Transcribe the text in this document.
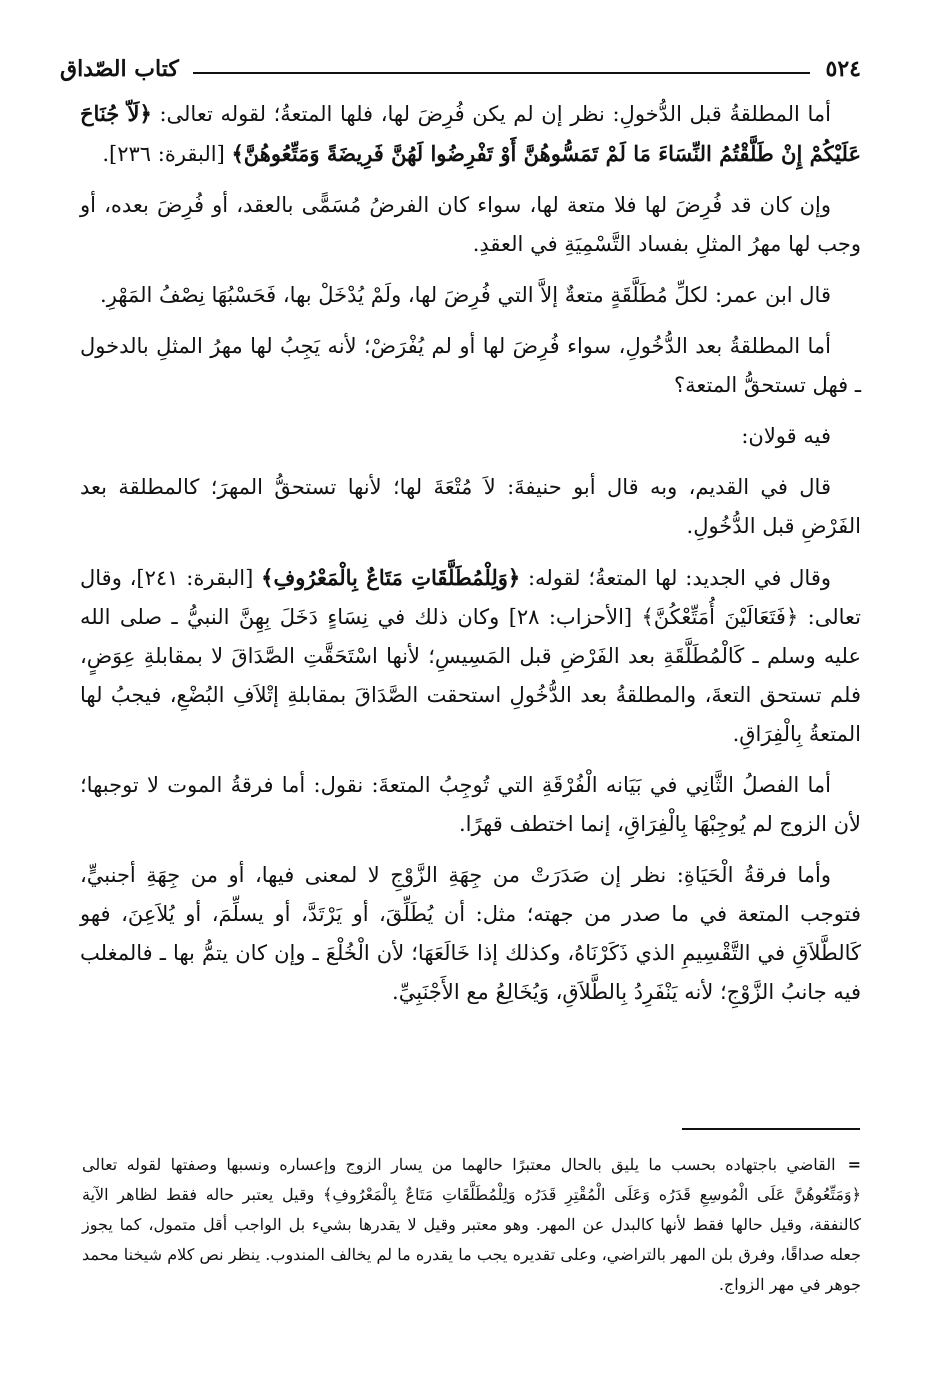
٥٢٤
كتاب الصّداق

أما المطلقةُ قبل الدُّخولِ: نظر إن لم يكن فُرِضَ لها، فلها المتعةُ؛ لقوله تعالى: ﴿لَاّ جُنَاحَ عَلَيْكُمْ إِنْ طَلَّقْتُمُ النِّسَاءَ مَا لَمْ تَمَسُّوهُنَّ أَوْ تَفْرِضُوا لَهُنَّ فَرِيضَةً وَمَتِّعُوهُنَّ﴾ [البقرة: ٢٣٦].

وإن كان قد فُرِضَ لها فلا متعة لها، سواء كان الفرضُ مُسَمًّى بالعقد، أو فُرِضَ بعده، أو وجب لها مهرُ المثلِ بفساد التَّسْمِيَةِ في العقدِ.

قال ابن عمر: لكلِّ مُطَلَّقَةٍ متعةٌ إلاَّ التي فُرِضَ لها، ولَمْ يُدْخَلْ بها، فَحَسْبُهَا نِصْفُ المَهْرِ.

أما المطلقةُ بعد الدُّخُولِ، سواء فُرِضَ لها أو لم يُفْرَضْ؛ لأنه يَجِبُ لها مهرُ المثلِ بالدخول ـ فهل تستحقُّ المتعة؟

فيه قولان:

قال في القديم، وبه قال أبو حنيفةَ: لاَ مُتْعَةَ لها؛ لأنها تستحقُّ المهرَ؛ كالمطلقة بعد الفَرْضِ قبل الدُّخُولِ.

وقال في الجديد: لها المتعةُ؛ لقوله: ﴿وَلِلْمُطَلَّقَاتِ مَتَاعٌ بِالْمَعْرُوفِ﴾ [البقرة: ٢٤١]، وقال تعالى: ﴿فَتَعَالَيْنَ أُمَتِّعْكُنَّ﴾ [الأحزاب: ٢٨] وكان ذلك في نِسَاءٍ دَخَلَ بِهِنَّ النبيُّ ـ صلى الله عليه وسلم ـ كَالْمُطَلَّقَةِ بعد الفَرْضِ قبل المَسِيسِ؛ لأنها اسْتَحَقَّتِ الصَّدَاقَ لا بمقابلةِ عِوَضٍ، فلم تستحق التعةَ، والمطلقةُ بعد الدُّخُولِ استحقت الصَّدَاقَ بمقابلةِ إتْلاَفِ البُضْعِ، فيجبُ لها المتعةُ بِالْفِرَاقِ.

أما الفصلُ الثَّانِي في بَيَانه الْفُرْقَةِ التي تُوجِبُ المتعةَ: نقول: أما فرقةُ الموت لا توجبها؛ لأن الزوج لم يُوجِبْهَا بِالْفِرَاقِ، إنما اختطف قهرًا.

وأما فرقةُ الْحَيَاةِ: نظر إن صَدَرَتْ من جِهَةِ الزَّوْجِ لا لمعنى فيها، أو من جِهَةِ أجنبيٍّ، فتوجب المتعة في ما صدر من جهته؛ مثل: أن يُطَلِّقَ، أو يَرْتَدَّ، أو يسلِّمَ، أو يُلاَعِنَ، فهو كَالطَّلاَقِ في التَّقْسِيمِ الذي ذَكَرْنَاهُ، وكذلك إذا خَالَعَهَا؛ لأن الْخُلْعَ ـ وإن كان يتمُّ بها ـ فالمغلب فيه جانبُ الزَّوْجِ؛ لأنه يَنْفَرِدُ بِالطَّلاَقِ، وَيُخَالِعُ مع الأَجْنَبِيِّ.

=القاضي باجتهاده بحسب ما يليق بالحال معتبرًا حالهما من يسار الزوج وإعساره ونسبها وصفتها لقوله تعالى ﴿وَمَتِّعُوهُنَّ عَلَى الْمُوسِعِ قَدَرُه وَعَلَى الْمُقْتِرِ قَدَرُه وَلِلْمُطَلَّقَاتِ مَتَاعٌ بِالْمَعْرُوفِ﴾ وقيل يعتبر حاله فقط لظاهر الآية كالنفقة، وقيل حالها فقط لأنها كالبدل عن المهر. وهو معتبر وقيل لا يقدرها بشيء بل الواجب أقل متمول، كما يجوز جعله صداقًا، وفرق بلن المهر بالتراضي، وعلى تقديره يجب ما يقدره ما لم يخالف المندوب. ينظر نص كلام شيخنا محمد جوهر في مهر الزواج.
